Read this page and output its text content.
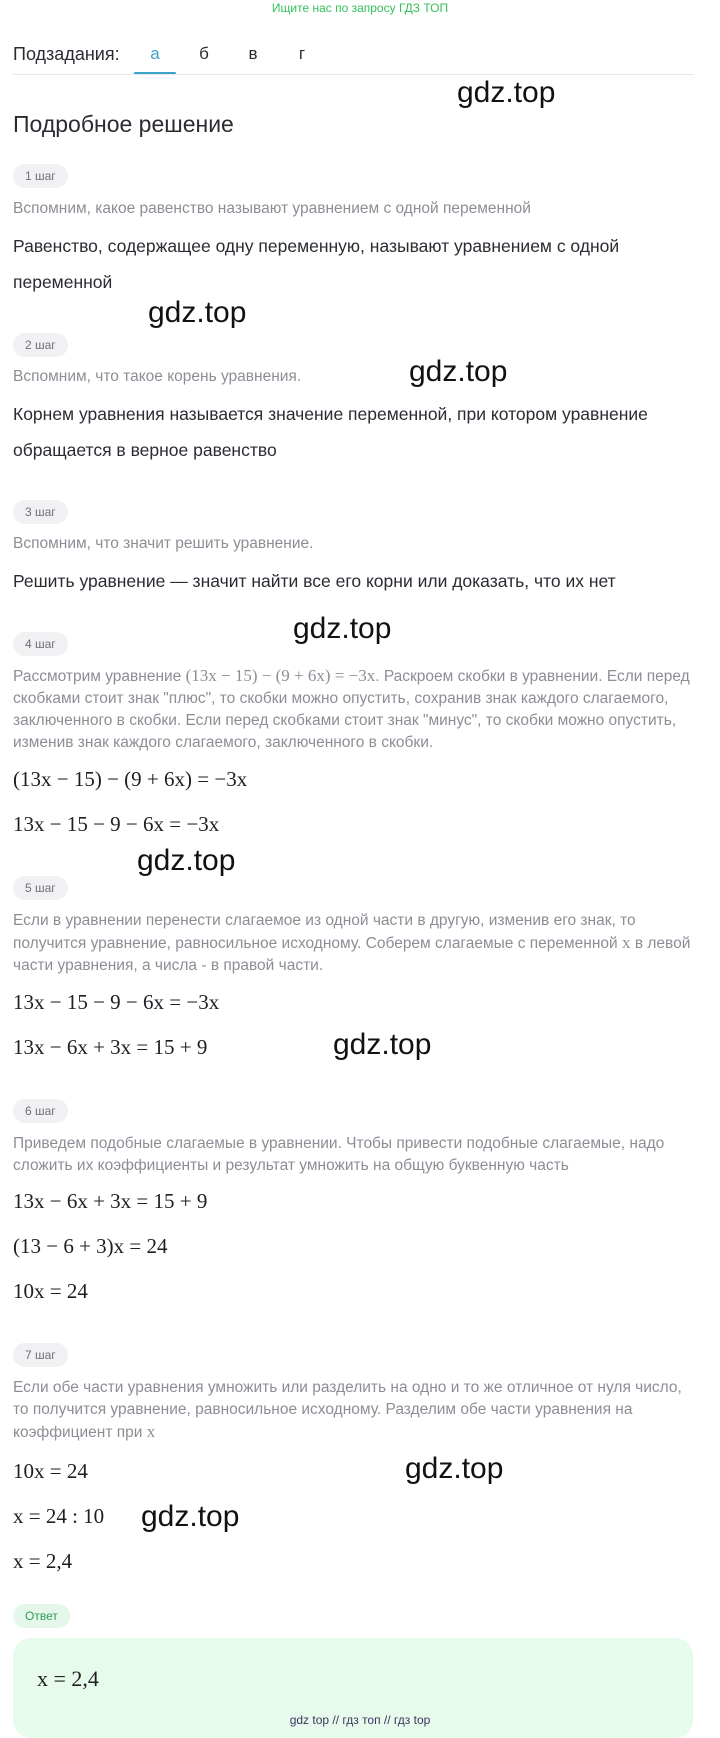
Ищите нас по запросу ГДЗ ТОП
Подзадания:	а	б	в	г
Подробное решение
gdz.top
gdz.top
gdz.top
gdz.top
gdz.top
gdz.top
gdz.top
gdz.top
1 шаг
Вспомним, какое равенство называют уравнением с одной переменной
Равенство, содержащее одну переменную, называют уравнением с одной переменной
2 шаг
Вспомним, что такое корень уравнения.
Корнем уравнения называется значение переменной, при котором уравнение обращается в верное равенство
3 шаг
Вспомним, что значит решить уравнение.
Решить уравнение — значит найти все его корни или доказать, что их нет
4 шаг
Рассмотрим уравнение (13x − 15) − (9 + 6x) = −3x. Раскроем скобки в уравнении. Если перед скобками стоит знак "плюс", то скобки можно опустить, сохранив знак каждого слагаемого, заключенного в скобки. Если перед скобками стоит знак "минус", то скобки можно опустить, изменив знак каждого слагаемого, заключенного в скобки.
(13x − 15) − (9 + 6x) = −3x
13x − 15 − 9 − 6x = −3x
5 шаг
Если в уравнении перенести слагаемое из одной части в другую, изменив его знак, то получится уравнение, равносильное исходному. Соберем слагаемые с переменной x в левой части уравнения, а числа - в правой части.
13x − 15 − 9 − 6x = −3x
13x − 6x + 3x = 15 + 9
6 шаг
Приведем подобные слагаемые в уравнении. Чтобы привести подобные слагаемые, надо сложить их коэффициенты и результат умножить на общую буквенную часть
13x − 6x + 3x = 15 + 9
(13 − 6 + 3)x = 24
10x = 24
7 шаг
Если обе части уравнения умножить или разделить на одно и то же отличное от нуля число, то получится уравнение, равносильное исходному. Разделим обе части уравнения на коэффициент при x
10x = 24
x = 24 : 10
x = 2,4
Ответ
x = 2,4
gdz top // гдз топ // гдз top
